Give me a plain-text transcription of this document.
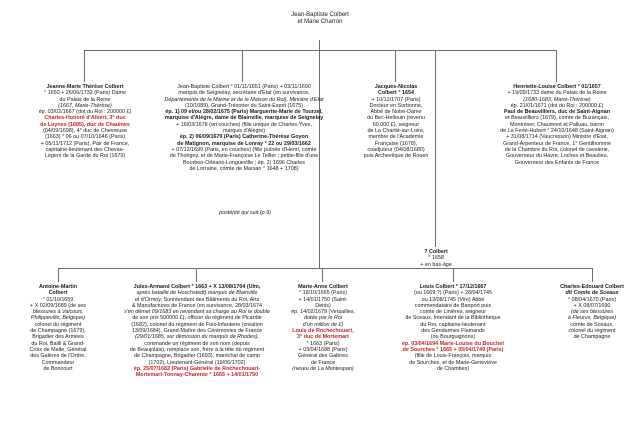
Jean-Baptiste Colbert

et Marie Charron

Jeanne-Marie Thérèse Colbert

° 1650 + 26/06/1732 (Paris) Dame

du Palais de la Reine

(1667, Marie-Thérèse)

ép. 03/02/1667 (dot du Roi : 200000 £)

Charles-Honoré d'Albert, 3° duc

de Luynes (1685), duc de Chaulnes

(04/09/1698), 4° duc de Chevreuse

(1663) ° 06 ou 07/10/1646 (Paris)

+ 05/11/1712 (Paris), Pair de France,

capitaine-lieutenant des Chevau-

Légers de la Garde du Roi (1679)

Jean-Baptiste Colbert ° 01/11/1651 (Paris) + 03/11/1690

marquis de Seignelay, secrétaire d'Etat (en survivance,

Départements de la Marine et de la Maison du Roi), Ministre d'Etat

(10/1689), Grand-Trésorier du Saint-Esprit (1675)

ép. 1) 09 et/ou 28/02/1675 (Paris) Marguerite-Marie de Tourzel,

marquise d'Alègre, dame de Blainville, marquise de Seignelay

+ 16/03/1678 (en couches) (fille unique de Charles-Yves,

marquis d'Alègre)

ép. 2) 06/09/1679 (Paris) Catherine-Thérèse Goyon

de Matignon, marquise de Lonray ° 22 ou 29/03/1662

+ 07/12/1699 (Paris, en couches) (fille puînée d'Henri, comte

de Thorigny, et de Marie-Françoise Le Tellier ; petite-fille d'une

Bourbon-Orléans-Longueville ; ép. 2) 1696 Charles

de Lorraine, comte de Marsan ° 1648 + 1708)

Jacques-Nicolas

Colbert ° 1654

+ 10/12/1707 (Paris)

Docteur en Sorbonne,

Abbé de Notre-Dame

du Bec-Hellouin (revenu

60.000 £), seigneur

de La Charité-sur-Loire,

membre de l'Académie

Française (1678),

coadjuteur (04/08/1680)

puis Archevêque de Rouen

Henriette-Louise Colbert ° 01/1657

+ 19/09/1733 dame du Palais de la Reine

(1680-1683, Marie-Thérèse)

ép. 21/01/1671 (dot du Roi : 200000 £)

Paul de Beauvilliers, duc de Saint-Aignan

et Beauvilliers (1679), comte de Buzançais,

Montrésor, Chaumont et Palluau, baron

de La Ferté-Hubert ° 24/10/1648 (Saint-Aignan)

+ 31/08/1714 (Vaucresson) Ministre d'Etat,

Grand-Arpenteur de France, 1° Gentilhomme

de la Chambre du Roi, colonel de cavalerie,

Gouverneur du Havre, Loches et Beaulieu,

Gouverneur des Enfants de France

? Colbert

° 1658

+ en bas-âge

postérité qui suit (p.9)

Antoine-Martin

Colbert

° 01/10/1659

+ X 02/09/1689 (de ses

blessures à Valcourt,

Philippeville, Belgique)

colonel du régiment

de Champagne (1679),

Brigadier des Armées

du Roi, Bailli & Grand-

Croix de Malte, Général

des Galères de l'Ordre,

Commandeur

de Boncourt

Jules-Armand Colbert ° 1663 + X 13/08/1704 (Ulm,

après bataille de Hoschstedt) marquis de Blainville

et d'Ormoy, Surintendant des Bâtiments du Roi, Arts

& Manufactures de France (en survivance, 28/03/1674

s'en démet 09/1683 en revendant sa charge au Roi le double

de son prix 500000 £), officier du régiment de Picardie

(1682), colonel du régiment de Foix-Infanterie (création

13/09/1684), Grand-Maître des Cérémonies de France

(29/01/1685, sur démission du marquis de Rhodes),

commande un régiment de son nom (depuis

de Beaujolais), remplace son, frère à la tête du régiment

de Champagne, Brigadier (1693), maréchal de camp

(1702), Lieutenant-Général (19/06/1702)

ép. 25/07/1682 (Paris) Gabrielle de Rochechouart-

Mortemart-Tonnay-Charente ° 1665 + 14/01/1750

Marie-Anne Colbert

° 18/10/1665 (Paris)

+ 14/01/1750 (Saint-

Denis)

ép. 14/02/1679 (Versailles,

dotée par le Roi

d'un million de £)

Louis de Rochechouart,

3° duc de Mortemart

° 1663 (Paris)

+ 03/04/1688 (Paris)

Général des Galères

de France

(neveu de La Montespan)

Louis Colbert ° 17/12/1667

(ou 1669 ?) (Paris) + 28/04/1745

ou 13/08/1745 (Vire) Abbé

commendataire de Banport puis

comte de Linières, seigneur

de Sceaux, Intendant de la Bibliothèque

du Roi, capitaine-lieutenant

des Gendarmes Flamands

(ou Bourguignons)

ép. 03/04/1694 Marie-Louise du Bouchet

de Sourches ° 1665 + 05/04/1749 (Paris)

(fille de Louis-François, marquis

de Sourches, et de Marie-Geneviève

de Chambes)

Charles-Edouard Colbert

dit Comte de Sceaux

° 08/04/1670 (Paris)

+ X 08/07/1690

(de ses blessures

à Fleurus, Belgique)

comte de Sceaux,

colonel du régiment

de Champagne
